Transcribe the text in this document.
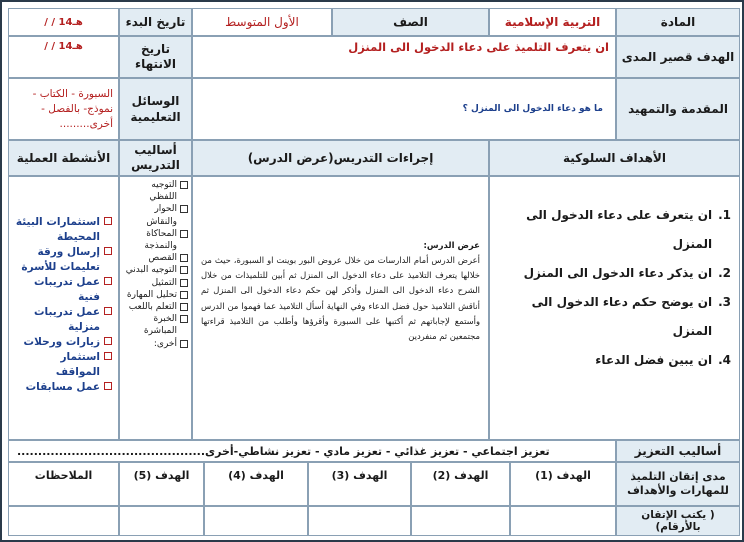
المادة
التربية الإسلامية
الصف
الأول المتوسط
تاريخ البدء
/ / 14هـ
الهدف قصير المدى
ان يتعرف التلميذ على دعاء الدخول الى المنزل
تاريخ الانتهاء
/ / 14هـ
المقدمة والتمهيد
ما هو دعاء الدخول الى المنزل ؟
الوسائل التعليمية
السبورة - الكتاب - نموذج- بالفصل - أخرى.........
الأهداف السلوكية
إجراءات التدريس(عرض الدرس)
أساليب التدريس
الأنشطة العملية
1.
ان يتعرف على دعاء الدخول الى المنزل
2.
ان يذكر دعاء الدخول الى المنزل
3.
ان يوضح حكم دعاء الدخول الى المنزل
4.
ان يبين فضل الدعاء
عرض الدرس:
أعرض الدرس أمام الدارسات من خلال عروض البور بوينت او السبورة، حيث من خلالها يتعرف التلاميذ على دعاء الدخول الى المنزل ثم أبين للتلميذات من خلال الشرح دعاء الدخول الى المنزل وأذكر لهن حكم دعاء الدخول الى المنزل ثم أناقش التلاميذ حول فضل الدعاء وفي النهاية أسأل التلاميذ عما فهموا من الدرس وأستمع لإجاباتهم ثم أكتبها على السبورة وأقرؤها وأطلب من التلاميذ قراءتها مجتمعين ثم منفردين
التوجيه اللفظي
الحوار والنقاش
المحاكاة والنمذجة
القصص
التوجيه البدني
التمثيل
تحليل المهارة
التعلم باللعب
الخبرة المباشرة
أخرى:
استثمارات البيئة المحيطة
إرسال ورقة تعليمات للأسرة
عمل تدريبات فنية
عمل تدريبات منزلية
زيارات ورحلات
استثمار المواقف
عمل مسابقات
أساليب التعزيز
تعزيز اجتماعي - تعزيز غذائي - تعزيز مادي - تعزيز نشاطي-أخرى.............................................
مدى إتقان التلميذ للمهارات والأهداف
الهدف (1)
الهدف (2)
الهدف (3)
الهدف (4)
الهدف (5)
الملاحظات
( يكتب الإتقان بالأرقام)
